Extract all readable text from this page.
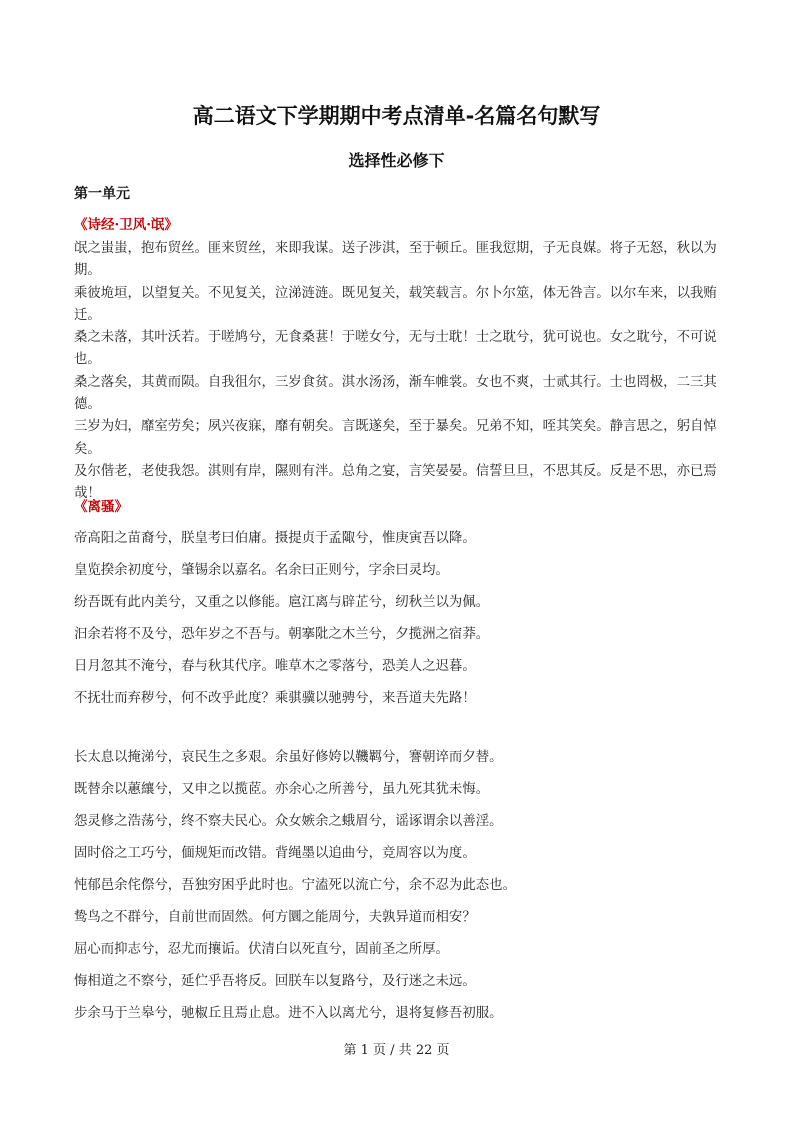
高二语文下学期期中考点清单-名篇名句默写
选择性必修下
第一单元
《诗经·卫风·氓》

氓之蚩蚩，抱布贸丝。匪来贸丝，来即我谋。送子涉淇，至于顿丘。匪我愆期，子无良媒。将子无怒，秋以为期。

乘彼垝垣，以望复关。不见复关，泣涕涟涟。既见复关，载笑载言。尔卜尔筮，体无咎言。以尔车来，以我贿迁。

桑之未落，其叶沃若。于嗟鸠兮，无食桑葚！于嗟女兮，无与士耽！士之耽兮，犹可说也。女之耽兮，不可说也。

桑之落矣，其黄而陨。自我徂尔，三岁食贫。淇水汤汤，渐车帷裳。女也不爽，士贰其行。士也罔极，二三其德。

三岁为妇，靡室劳矣；夙兴夜寐，靡有朝矣。言既遂矣，至于暴矣。兄弟不知，咥其笑矣。静言思之，躬自悼矣。

及尔偕老，老使我怨。淇则有岸，隰则有泮。总角之宴，言笑晏晏。信誓旦旦，不思其反。反是不思，亦已焉哉！

《离骚》
帝高阳之苗裔兮，朕皇考曰伯庸。摄提贞于孟陬兮，惟庚寅吾以降。
皇览揆余初度兮，肇锡余以嘉名。名余曰正则兮，字余曰灵均。
纷吾既有此内美兮，又重之以修能。扈江离与辟芷兮，纫秋兰以为佩。
汩余若将不及兮，恐年岁之不吾与。朝搴阰之木兰兮，夕揽洲之宿莽。
日月忽其不淹兮，春与秋其代序。唯草木之零落兮，恐美人之迟暮。
不抚壮而弃秽兮，何不改乎此度？乘骐骥以驰骋兮，来吾道夫先路！
长太息以掩涕兮，哀民生之多艰。余虽好修姱以鞿羁兮，謇朝谇而夕替。
既替余以蕙纕兮，又申之以揽茝。亦余心之所善兮，虽九死其犹未悔。
怨灵修之浩荡兮，终不察夫民心。众女嫉余之蛾眉兮，谣诼谓余以善淫。
固时俗之工巧兮，偭规矩而改错。背绳墨以追曲兮，竞周容以为度。
忳郁邑余侘傺兮，吾独穷困乎此时也。宁溘死以流亡兮，余不忍为此态也。
鸷鸟之不群兮，自前世而固然。何方圜之能周兮，夫孰异道而相安？
屈心而抑志兮，忍尤而攘诟。伏清白以死直兮，固前圣之所厚。
悔相道之不察兮，延伫乎吾将反。回朕车以复路兮，及行迷之未远。
步余马于兰皋兮，驰椒丘且焉止息。进不入以离尤兮，退将复修吾初服。
第 1 页 / 共 22 页
